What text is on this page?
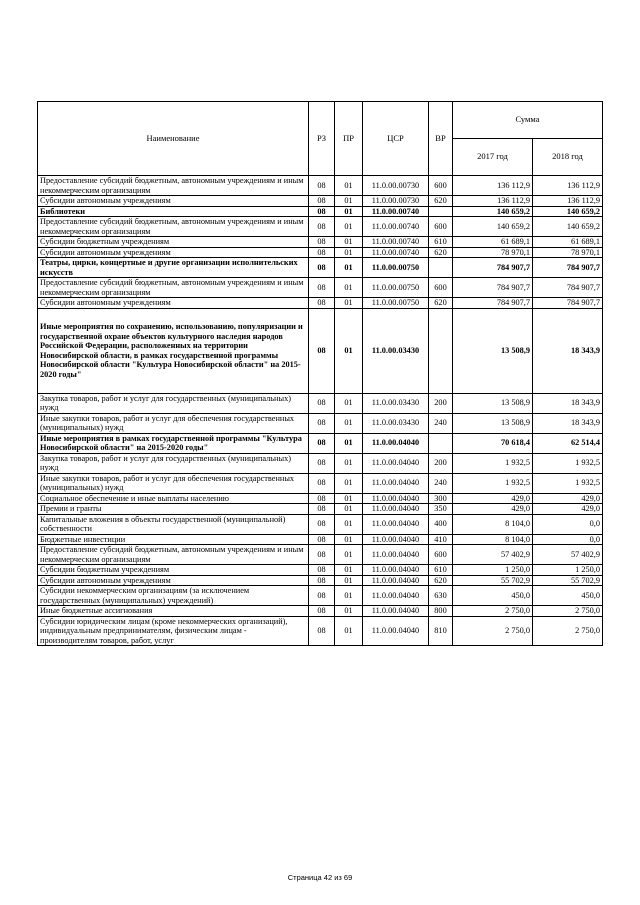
Наименование	РЗ	ПР	ЦСР	ВР	Сумма	
					2017 год	2018 год
Предоставление субсидий бюджетным, автономным учреждениям и иным некоммерческим организациям	08	01	11.0.00.00730	600	136 112,9	136 112,9
Субсидии автономным учреждениям	08	01	11.0.00.00730	620	136 112,9	136 112,9
Библиотеки	08	01	11.0.00.00740		140 659,2	140 659,2
Предоставление субсидий бюджетным, автономным учреждениям и иным некоммерческим организациям	08	01	11.0.00.00740	600	140 659,2	140 659,2
Субсидии бюджетным учреждениям	08	01	11.0.00.00740	610	61 689,1	61 689,1
Субсидии автономным учреждениям	08	01	11.0.00.00740	620	78 970,1	78 970,1
Театры, цирки, концертные и другие организации исполнительских искусств	08	01	11.0.00.00750		784 907,7	784 907,7
Предоставление субсидий бюджетным, автономным учреждениям и иным некоммерческим организациям	08	01	11.0.00.00750	600	784 907,7	784 907,7
Субсидии автономным учреждениям	08	01	11.0.00.00750	620	784 907,7	784 907,7
Иные мероприятия по сохранению, использованию, популяризации и государственной охране объектов культурного наследия народов Российской Федерации, расположенных на территории Новосибирской области, в рамках государственной программы Новосибирской области "Культура Новосибирской области" на 2015-2020 годы"	08	01	11.0.00.03430		13 508,9	18 343,9
Закупка товаров, работ и услуг для государственных (муниципальных) нужд	08	01	11.0.00.03430	200	13 508,9	18 343,9
Иные закупки товаров, работ и услуг для обеспечения государственных (муниципальных) нужд	08	01	11.0.00.03430	240	13 508,9	18 343,9
Иные мероприятия в рамках государственной программы "Культура Новосибирской области" на 2015-2020 годы"	08	01	11.0.00.04040		70 618,4	62 514,4
Закупка товаров, работ и услуг для государственных (муниципальных) нужд	08	01	11.0.00.04040	200	1 932,5	1 932,5
Иные закупки товаров, работ и услуг для обеспечения государственных (муниципальных) нужд	08	01	11.0.00.04040	240	1 932,5	1 932,5
Социальное обеспечение и иные выплаты населению	08	01	11.0.00.04040	300	429,0	429,0
Премии и гранты	08	01	11.0.00.04040	350	429,0	429,0
Капитальные вложения в объекты государственной (муниципальной) собственности	08	01	11.0.00.04040	400	8 104,0	0,0
Бюджетные инвестиции	08	01	11.0.00.04040	410	8 104,0	0,0
Предоставление субсидий бюджетным, автономным учреждениям и иным некоммерческим организациям	08	01	11.0.00.04040	600	57 402,9	57 402,9
Субсидии бюджетным учреждениям	08	01	11.0.00.04040	610	1 250,0	1 250,0
Субсидии автономным учреждениям	08	01	11.0.00.04040	620	55 702,9	55 702,9
Субсидии некоммерческим организациям (за исключением государственных (муниципальных) учреждений)	08	01	11.0.00.04040	630	450,0	450,0
Иные бюджетные ассигнования	08	01	11.0.00.04040	800	2 750,0	2 750,0
Субсидии юридическим лицам (кроме некоммерческих организаций), индивидуальным предпринимателям, физическим лицам - производителям товаров, работ, услуг	08	01	11.0.00.04040	810	2 750,0	2 750,0
Страница 42 из 69
